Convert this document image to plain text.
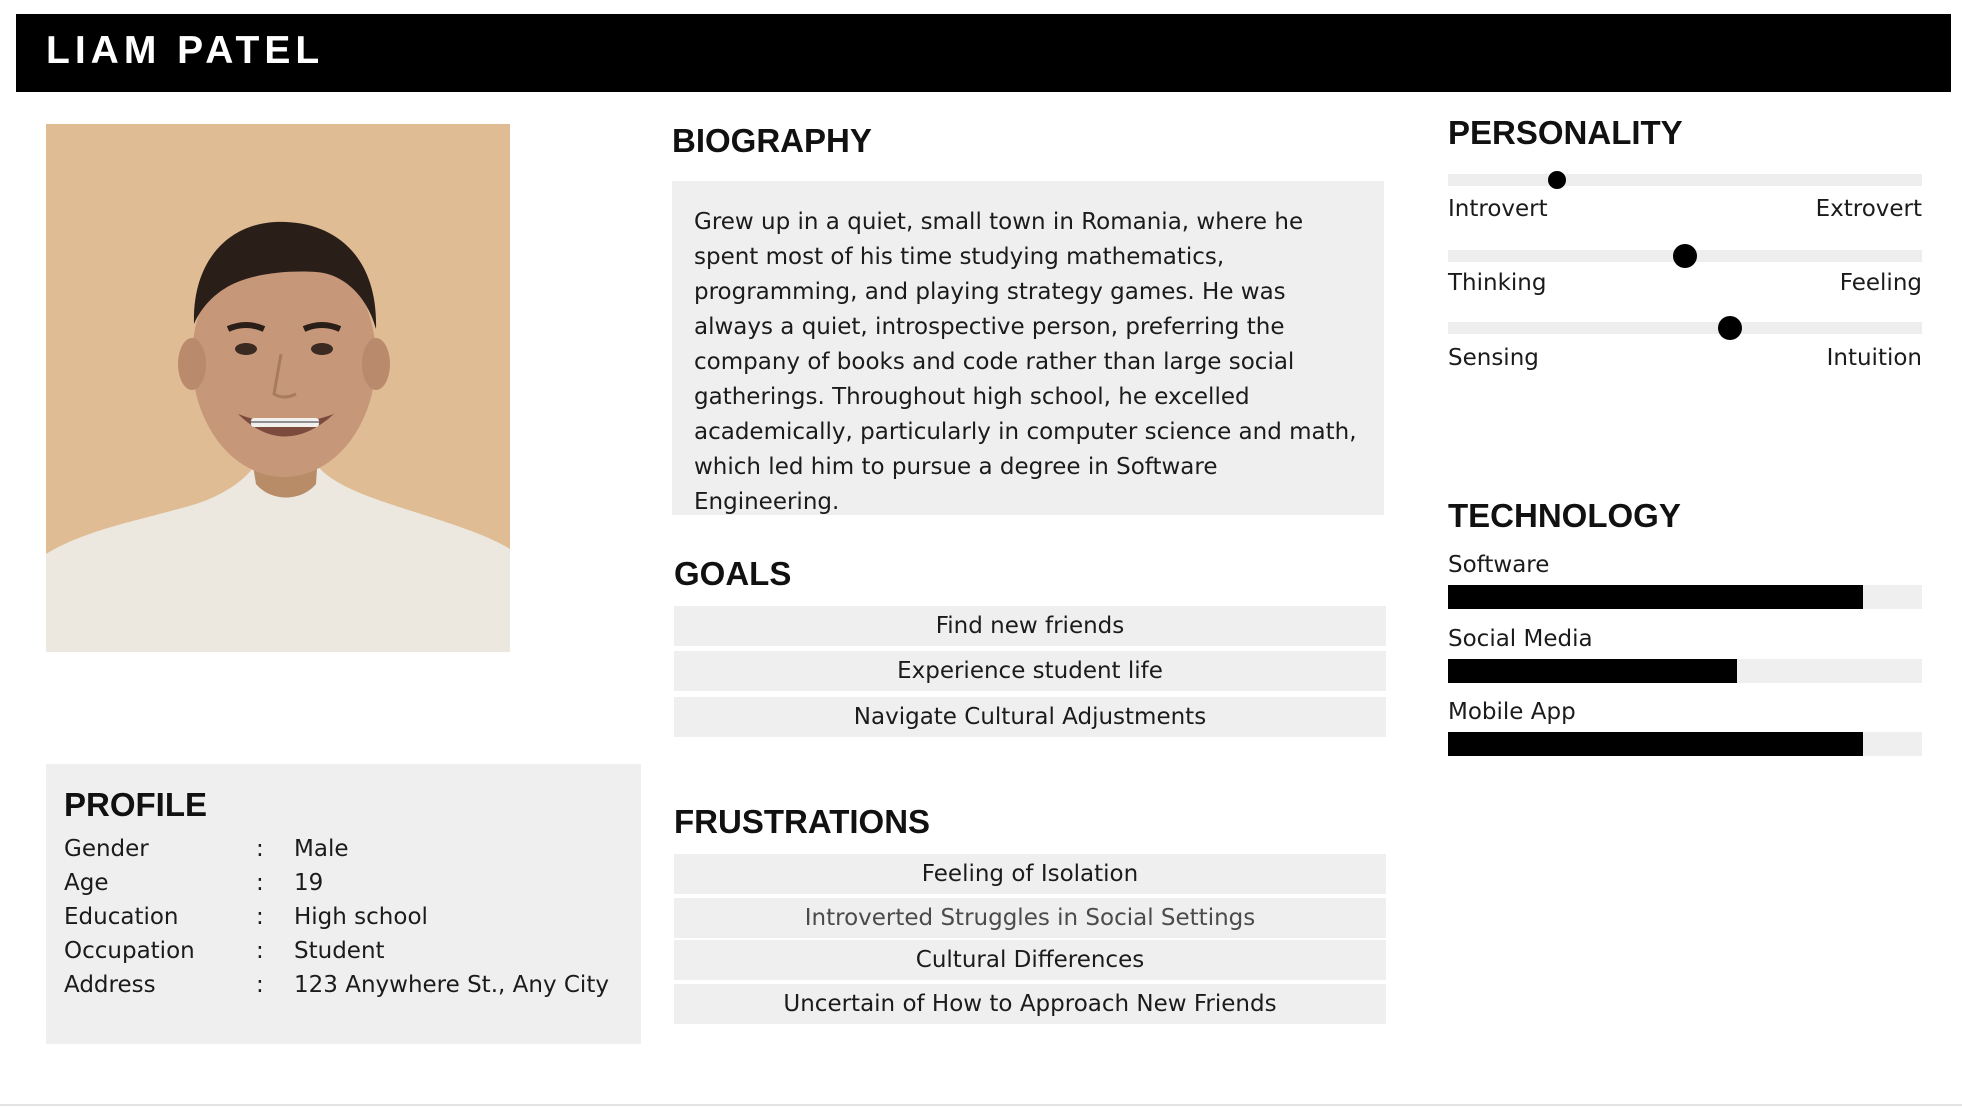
LIAM PATEL
BIOGRAPHY
Grew up in a quiet, small town in Romania, where he spent most of his time studying mathematics, programming, and playing strategy games. He was always a quiet, introspective person, preferring the company of books and code rather than large social gatherings. Throughout high school, he excelled academically, particularly in computer science and math, which led him to pursue a degree in Software Engineering.
GOALS
Find new friends
Experience student life
Navigate Cultural Adjustments
FRUSTRATIONS
Feeling of Isolation
Introverted Struggles in Social Settings
Cultural Differences
Uncertain of How to Approach New Friends
PROFILE
Gender	: Male
Age	: 19
Education	: High school
Occupation	: Student
Address	: 123 Anywhere St., Any City
PERSONALITY
Introvert	Extrovert
Thinking	Feeling
Sensing	Intuition
TECHNOLOGY
Software
Social Media
Mobile App
